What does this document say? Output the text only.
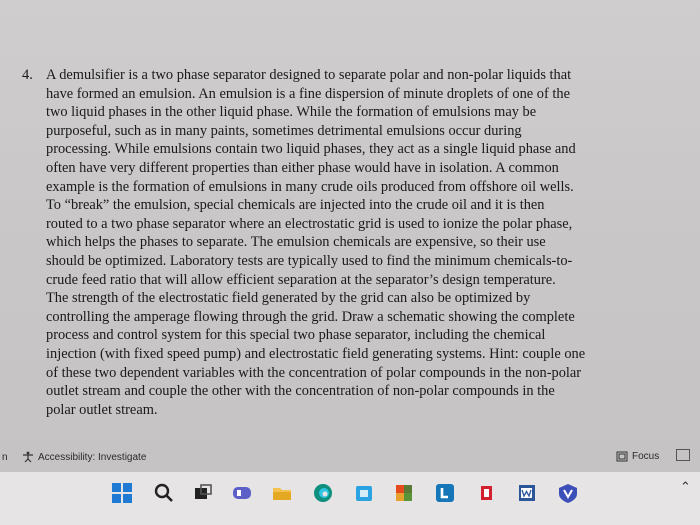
4. A demulsifier is a two phase separator designed to separate polar and non-polar liquids that
have formed an emulsion. An emulsion is a fine dispersion of minute droplets of one of the
two liquid phases in the other liquid phase. While the formation of emulsions may be
purposeful, such as in many paints, sometimes detrimental emulsions occur during
processing. While emulsions contain two liquid phases, they act as a single liquid phase and
often have very different properties than either phase would have in isolation. A common
example is the formation of emulsions in many crude oils produced from offshore oil wells.
To “break” the emulsion, special chemicals are injected into the crude oil and it is then
routed to a two phase separator where an electrostatic grid is used to ionize the polar phase,
which helps the phases to separate. The emulsion chemicals are expensive, so their use
should be optimized. Laboratory tests are typically used to find the minimum chemicals-to-
crude feed ratio that will allow efficient separation at the separator’s design temperature.
The strength of the electrostatic field generated by the grid can also be optimized by
controlling the amperage flowing through the grid. Draw a schematic showing the complete
process and control system for this special two phase separator, including the chemical
injection (with fixed speed pump) and electrostatic field generating systems. Hint: couple one
of these two dependent variables with the concentration of polar compounds in the non-polar
outlet stream and couple the other with the concentration of non-polar compounds in the
polar outlet stream.
n	Accessibility: Investigate	Focus
⌃
